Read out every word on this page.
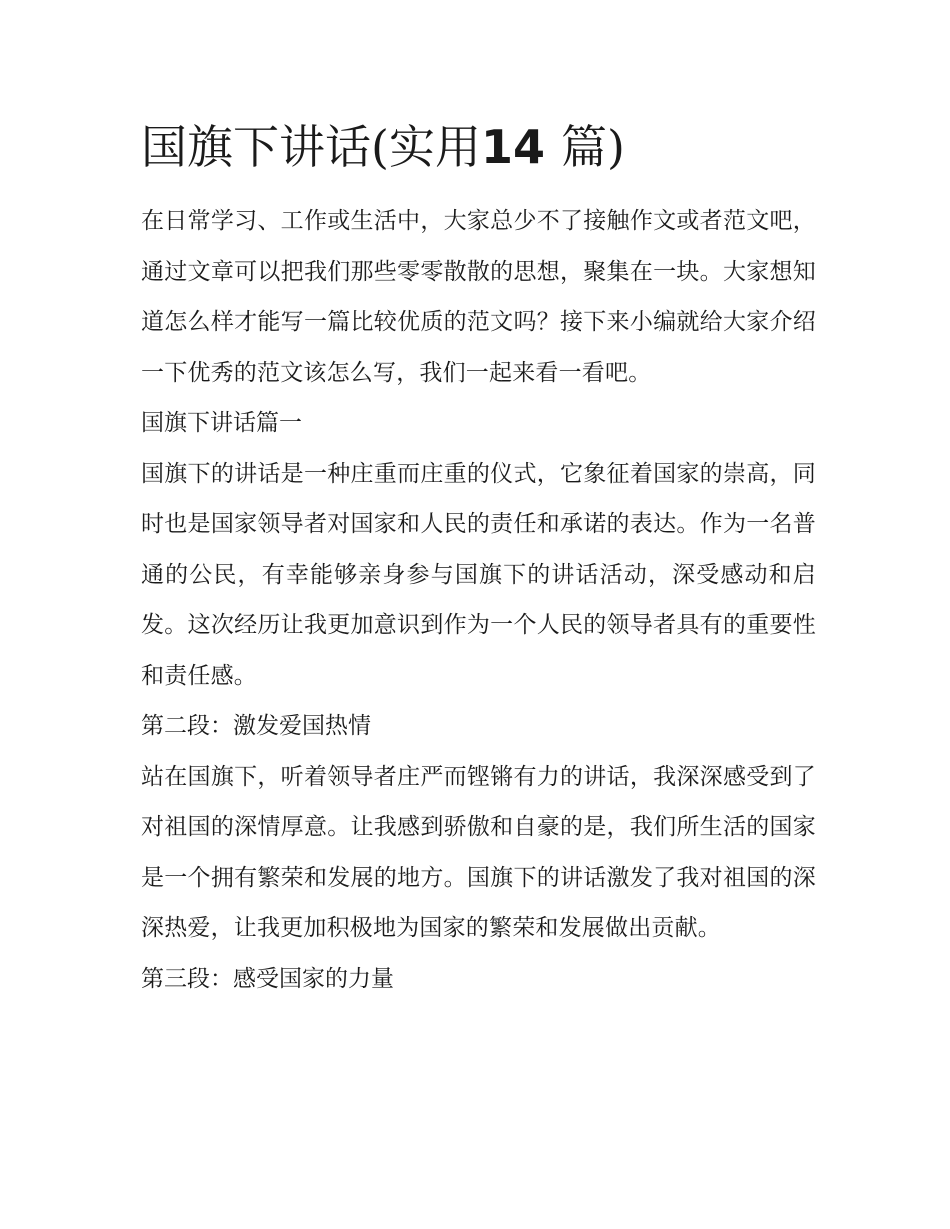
国旗下讲话(实用14 篇)

在日常学习、工作或生活中，大家总少不了接触作文或者范文吧，通过文章可以把我们那些零零散散的思想，聚集在一块。大家想知道怎么样才能写一篇比较优质的范文吗？接下来小编就给大家介绍一下优秀的范文该怎么写，我们一起来看一看吧。

国旗下讲话篇一

国旗下的讲话是一种庄重而庄重的仪式，它象征着国家的崇高，同时也是国家领导者对国家和人民的责任和承诺的表达。作为一名普通的公民，有幸能够亲身参与国旗下的讲话活动，深受感动和启发。这次经历让我更加意识到作为一个人民的领导者具有的重要性和责任感。

第二段：激发爱国热情

站在国旗下，听着领导者庄严而铿锵有力的讲话，我深深感受到了对祖国的深情厚意。让我感到骄傲和自豪的是，我们所生活的国家是一个拥有繁荣和发展的地方。国旗下的讲话激发了我对祖国的深深热爱，让我更加积极地为国家的繁荣和发展做出贡献。

第三段：感受国家的力量
